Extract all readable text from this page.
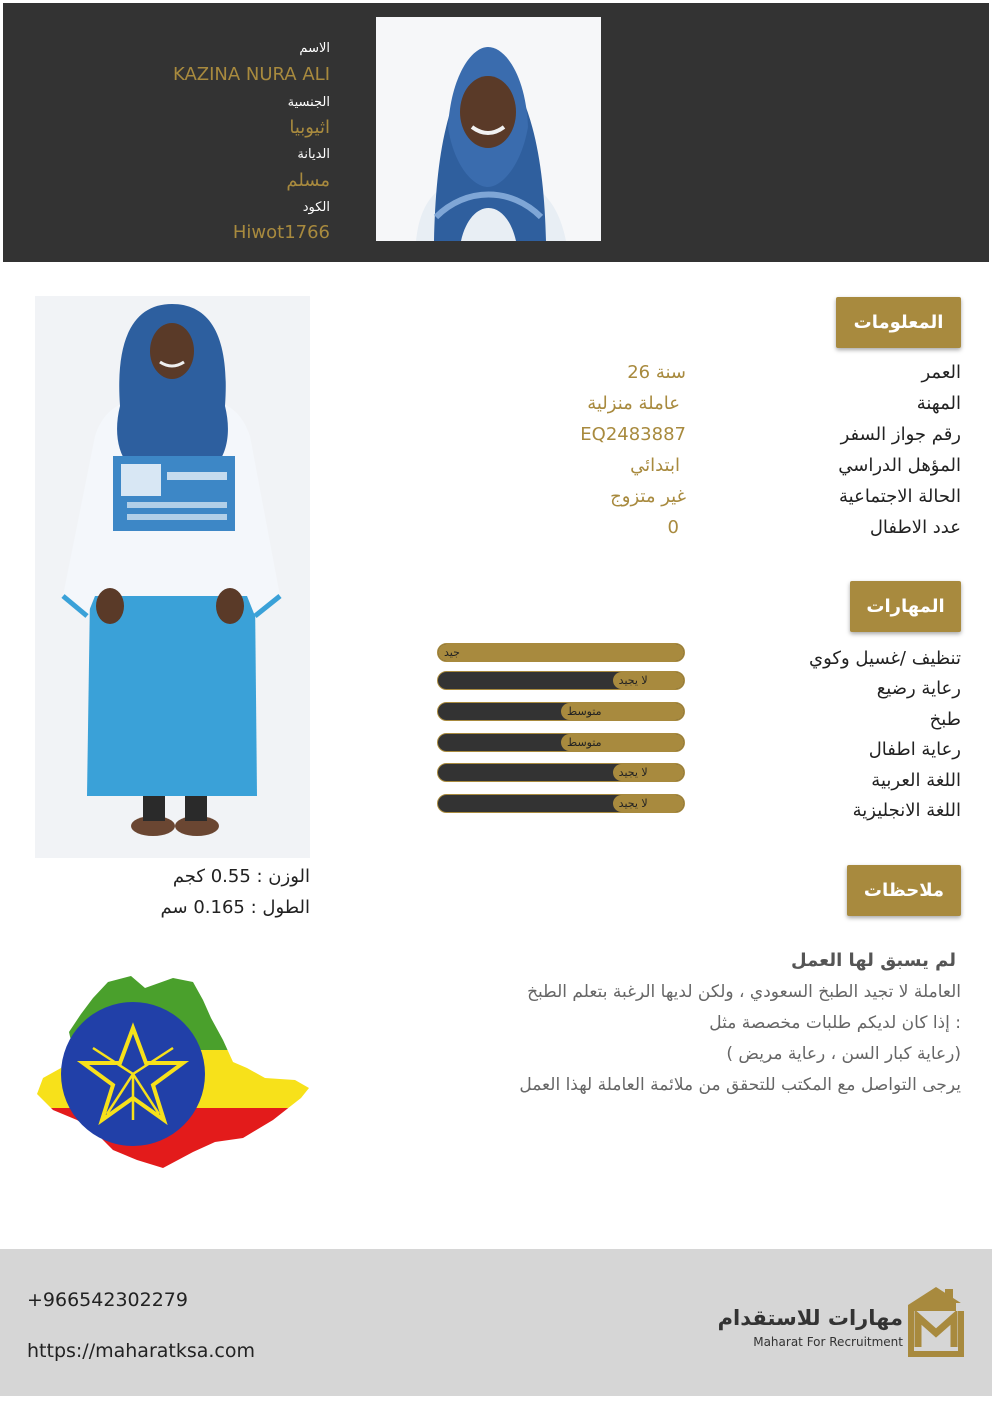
الاسم
KAZINA NURA ALI
الجنسية
اثيوبيا
الديانة
مسلم
الكود
Hiwot1766
المعلومات
العمر
26 سنة
المهنة
عاملة منزلية
رقم جواز السفر
EQ2483887
المؤهل الدراسي
ابتدائي
الحالة الاجتماعية
غير متزوج
عدد الاطفال
0
المهارات
تنظيف /غسيل وكوي
رعاية رضيع
طبخ
رعاية اطفال
اللغة العربية
اللغة الانجليزية
جيد
لا يجيد
متوسط
متوسط
لا يجيد
لا يجيد
ملاحظات
لم يسبق لها العمل
العاملة لا تجيد الطبخ السعودي ، ولكن لديها الرغبة بتعلم الطبخ
إذا كان لديكم طلبات مخصصة مثل :
( رعاية كبار السن ، رعاية مريض)
يرجى التواصل مع المكتب للتحقق من ملائمة العاملة لهذا العمل
الوزن : 0.55 كجم
الطول : 0.165 سم
+966542302279
https://maharatksa.com
مهارات للاستقدام
Maharat For Recruitment
